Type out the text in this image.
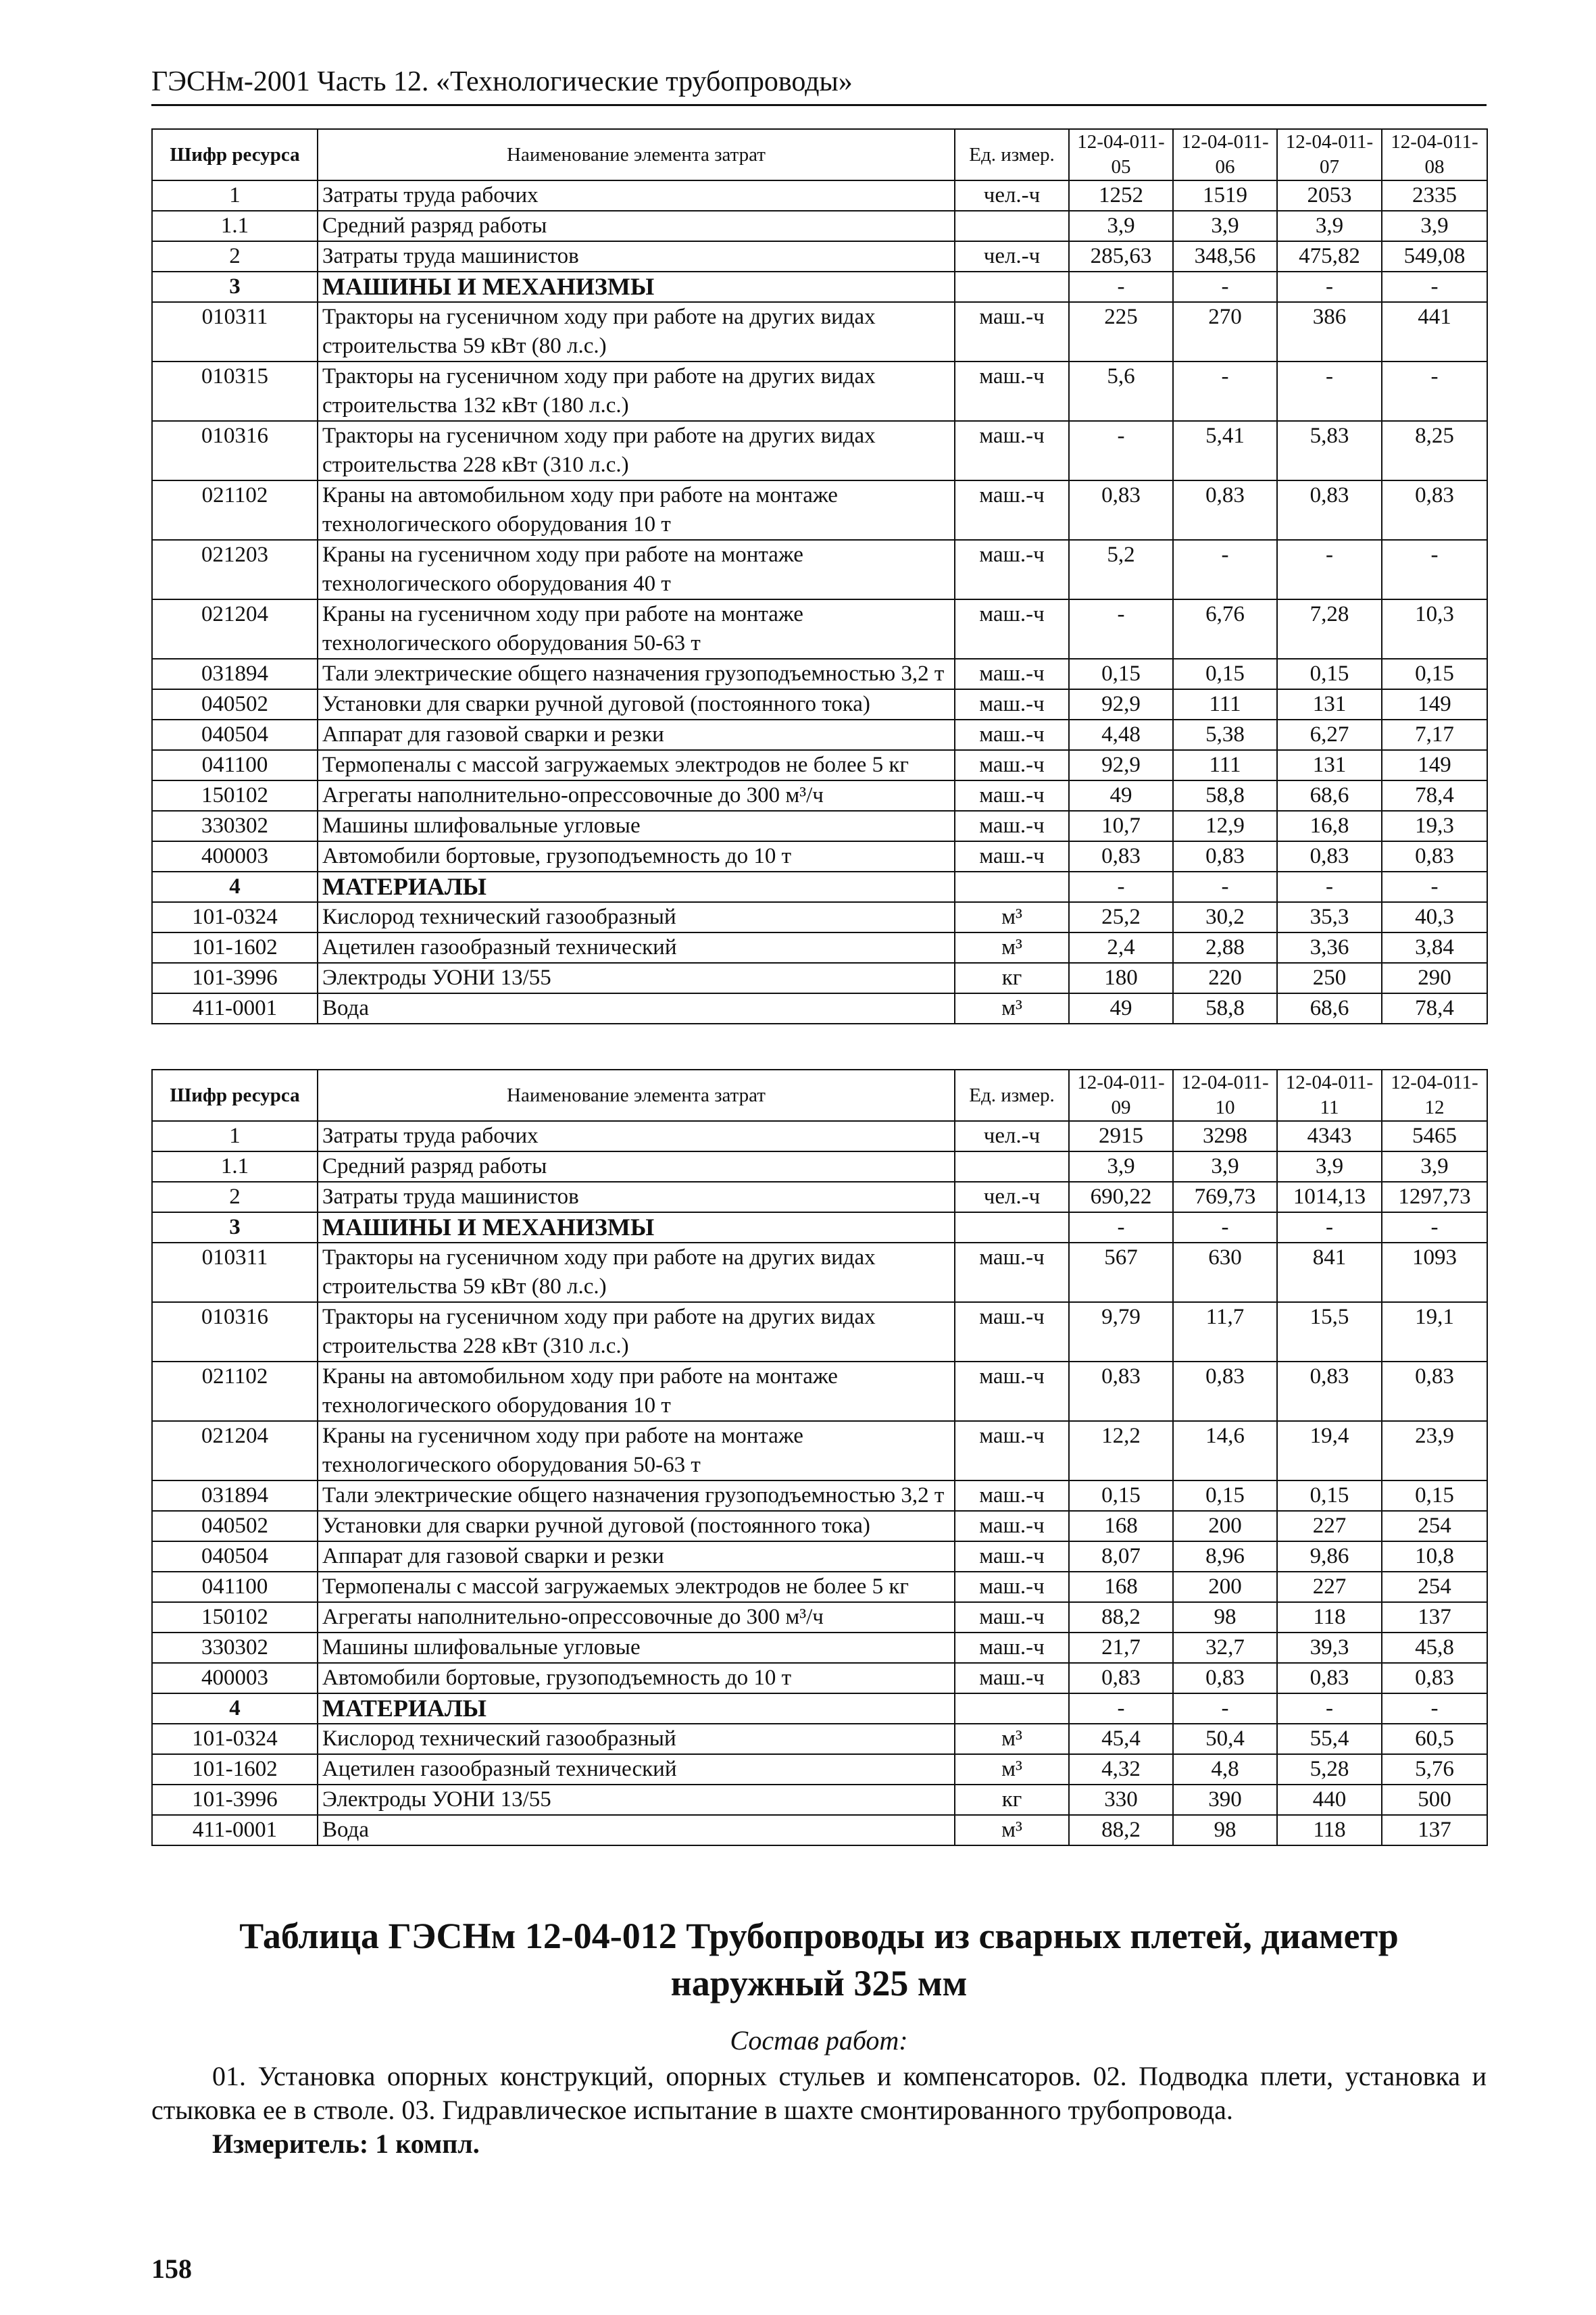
ГЭСНм-2001 Часть 12. «Технологические трубопроводы»
Шифр ресурса	Наименование элемента затрат	Ед. измер.	12-04-011-05	12-04-011-06	12-04-011-07	12-04-011-08
1	Затраты труда рабочих	чел.-ч	1252	1519	2053	2335
1.1	Средний разряд работы		3,9	3,9	3,9	3,9
2	Затраты труда машинистов	чел.-ч	285,63	348,56	475,82	549,08
3	МАШИНЫ И МЕХАНИЗМЫ		-	-	-	-
010311	Тракторы на гусеничном ходу при работе на других видах строительства 59 кВт (80 л.с.)	маш.-ч	225	270	386	441
010315	Тракторы на гусеничном ходу при работе на других видах строительства 132 кВт (180 л.с.)	маш.-ч	5,6	-	-	-
010316	Тракторы на гусеничном ходу при работе на других видах строительства 228 кВт (310 л.с.)	маш.-ч	-	5,41	5,83	8,25
021102	Краны на автомобильном ходу при работе на монтаже технологического оборудования 10 т	маш.-ч	0,83	0,83	0,83	0,83
021203	Краны на гусеничном ходу при работе на монтаже технологического оборудования 40 т	маш.-ч	5,2	-	-	-
021204	Краны на гусеничном ходу при работе на монтаже технологического оборудования 50-63 т	маш.-ч	-	6,76	7,28	10,3
031894	Тали электрические общего назначения грузоподъемностью 3,2 т	маш.-ч	0,15	0,15	0,15	0,15
040502	Установки для сварки ручной дуговой (постоянного тока)	маш.-ч	92,9	111	131	149
040504	Аппарат для газовой сварки и резки	маш.-ч	4,48	5,38	6,27	7,17
041100	Термопеналы с массой загружаемых электродов не более 5 кг	маш.-ч	92,9	111	131	149
150102	Агрегаты наполнительно-опрессовочные до 300 м³/ч	маш.-ч	49	58,8	68,6	78,4
330302	Машины шлифовальные угловые	маш.-ч	10,7	12,9	16,8	19,3
400003	Автомобили бортовые, грузоподъемность до 10 т	маш.-ч	0,83	0,83	0,83	0,83
4	МАТЕРИАЛЫ		-	-	-	-
101-0324	Кислород технический газообразный	м³	25,2	30,2	35,3	40,3
101-1602	Ацетилен газообразный технический	м³	2,4	2,88	3,36	3,84
101-3996	Электроды УОНИ 13/55	кг	180	220	250	290
411-0001	Вода	м³	49	58,8	68,6	78,4
Шифр ресурса	Наименование элемента затрат	Ед. измер.	12-04-011-09	12-04-011-10	12-04-011-11	12-04-011-12
1	Затраты труда рабочих	чел.-ч	2915	3298	4343	5465
1.1	Средний разряд работы		3,9	3,9	3,9	3,9
2	Затраты труда машинистов	чел.-ч	690,22	769,73	1014,13	1297,73
3	МАШИНЫ И МЕХАНИЗМЫ		-	-	-	-
010311	Тракторы на гусеничном ходу при работе на других видах строительства 59 кВт (80 л.с.)	маш.-ч	567	630	841	1093
010316	Тракторы на гусеничном ходу при работе на других видах строительства 228 кВт (310 л.с.)	маш.-ч	9,79	11,7	15,5	19,1
021102	Краны на автомобильном ходу при работе на монтаже технологического оборудования 10 т	маш.-ч	0,83	0,83	0,83	0,83
021204	Краны на гусеничном ходу при работе на монтаже технологического оборудования 50-63 т	маш.-ч	12,2	14,6	19,4	23,9
031894	Тали электрические общего назначения грузоподъемностью 3,2 т	маш.-ч	0,15	0,15	0,15	0,15
040502	Установки для сварки ручной дуговой (постоянного тока)	маш.-ч	168	200	227	254
040504	Аппарат для газовой сварки и резки	маш.-ч	8,07	8,96	9,86	10,8
041100	Термопеналы с массой загружаемых электродов не более 5 кг	маш.-ч	168	200	227	254
150102	Агрегаты наполнительно-опрессовочные до 300 м³/ч	маш.-ч	88,2	98	118	137
330302	Машины шлифовальные угловые	маш.-ч	21,7	32,7	39,3	45,8
400003	Автомобили бортовые, грузоподъемность до 10 т	маш.-ч	0,83	0,83	0,83	0,83
4	МАТЕРИАЛЫ		-	-	-	-
101-0324	Кислород технический газообразный	м³	45,4	50,4	55,4	60,5
101-1602	Ацетилен газообразный технический	м³	4,32	4,8	5,28	5,76
101-3996	Электроды УОНИ 13/55	кг	330	390	440	500
411-0001	Вода	м³	88,2	98	118	137
Таблица ГЭСНм 12-04-012 Трубопроводы из сварных плетей, диаметр наружный 325 мм
Состав работ:
01. Установка опорных конструкций, опорных стульев и компенсаторов. 02. Подводка плети, установка и стыковка ее в стволе. 03. Гидравлическое испытание в шахте смонтированного трубопровода.
Измеритель: 1 компл.
158
